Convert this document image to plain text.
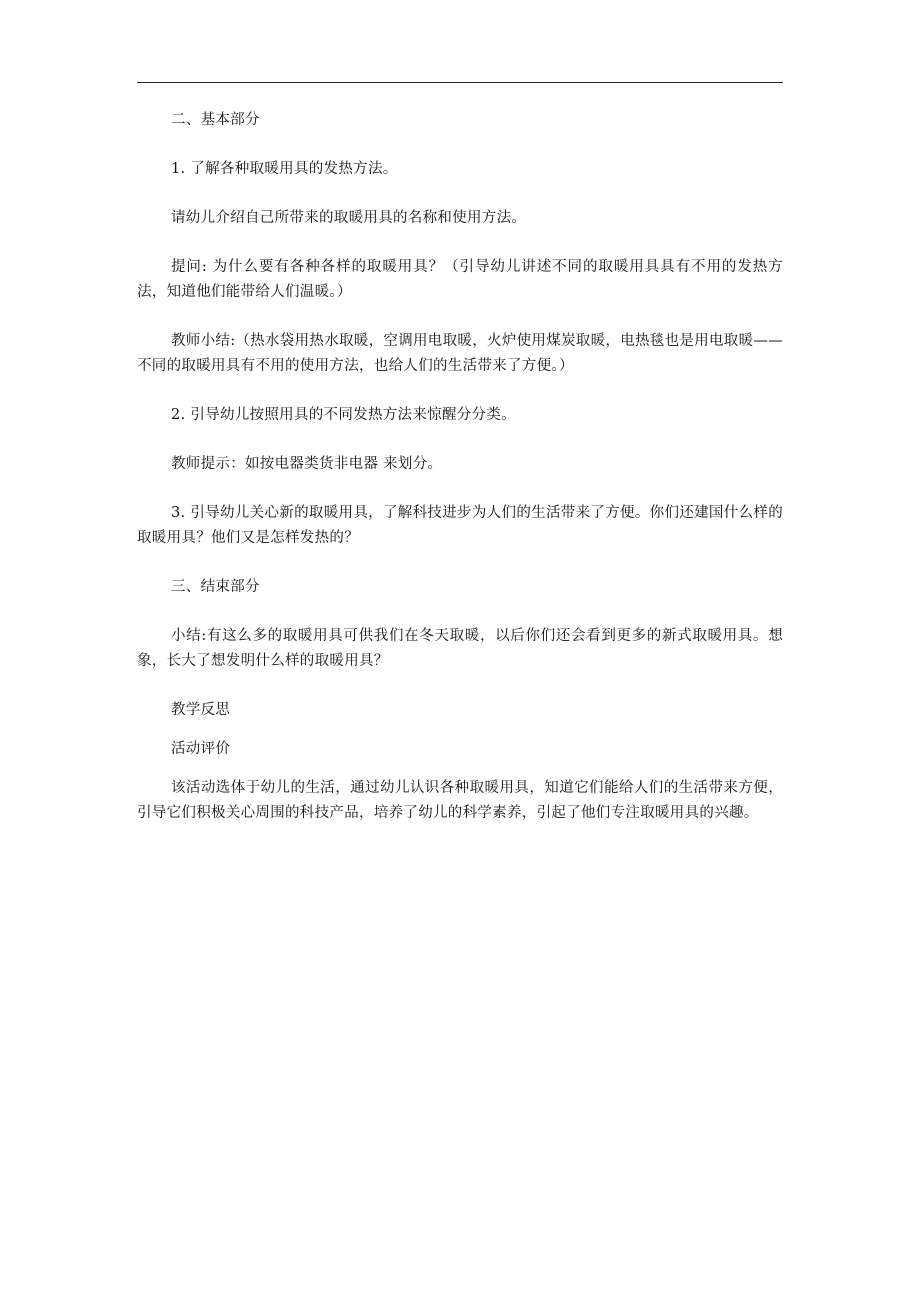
二、基本部分

1. 了解各种取暖用具的发热方法。

请幼儿介绍自己所带来的取暖用具的名称和使用方法。

提问: 为什么要有各种各样的取暖用具？（引导幼儿讲述不同的取暖用具具有不用的发热方法，知道他们能带给人们温暖。）

教师小结:（热水袋用热水取暖，空调用电取暖，火炉使用煤炭取暖，电热毯也是用电取暖——不同的取暖用具有不用的使用方法，也给人们的生活带来了方便。）

2. 引导幼儿按照用具的不同发热方法来惊醒分分类。

教师提示：如按电器类货非电器 来划分。

3. 引导幼儿关心新的取暖用具，了解科技进步为人们的生活带来了方便。你们还建国什么样的取暖用具？他们又是怎样发热的？

三、结束部分

小结:有这么多的取暖用具可供我们在冬天取暖，以后你们还会看到更多的新式取暖用具。想象，长大了想发明什么样的取暖用具？

教学反思

活动评价

该活动选体于幼儿的生活，通过幼儿认识各种取暖用具，知道它们能给人们的生活带来方便，引导它们积极关心周围的科技产品，培养了幼儿的科学素养，引起了他们专注取暖用具的兴趣。
